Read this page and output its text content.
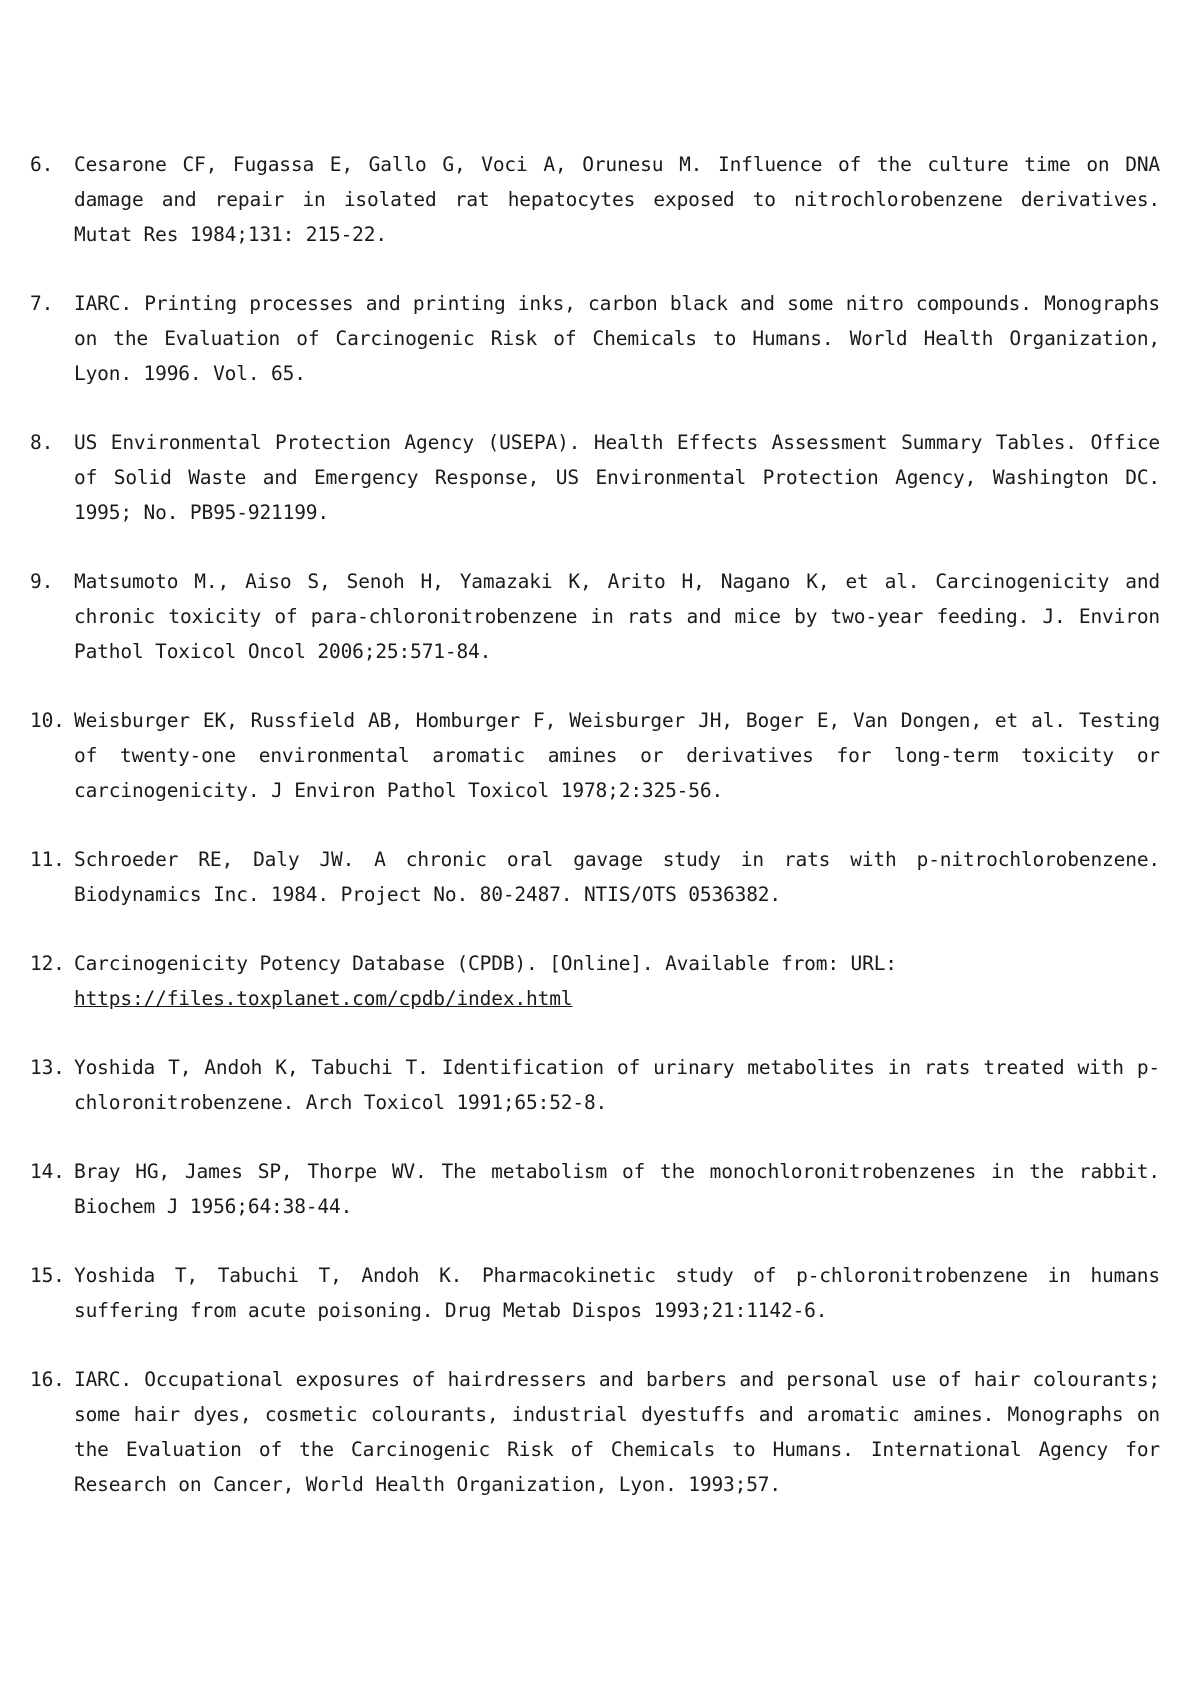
6. Cesarone CF, Fugassa E, Gallo G, Voci A, Orunesu M. Influence of the culture time on DNA damage and repair in isolated rat hepatocytes exposed to nitrochlorobenzene derivatives. Mutat Res 1984;131: 215-22.
7. IARC. Printing processes and printing inks, carbon black and some nitro compounds. Monographs on the Evaluation of Carcinogenic Risk of Chemicals to Humans. World Health Organization, Lyon. 1996. Vol. 65.
8. US Environmental Protection Agency (USEPA). Health Effects Assessment Summary Tables. Office of Solid Waste and Emergency Response, US Environmental Protection Agency, Washington DC. 1995; No. PB95-921199.
9. Matsumoto M., Aiso S, Senoh H, Yamazaki K, Arito H, Nagano K, et al. Carcinogenicity and chronic toxicity of para-chloronitrobenzene in rats and mice by two-year feeding. J. Environ Pathol Toxicol Oncol 2006;25:571-84.
10. Weisburger EK, Russfield AB, Homburger F, Weisburger JH, Boger E, Van Dongen, et al. Testing of twenty-one environmental aromatic amines or derivatives for long-term toxicity or carcinogenicity. J Environ Pathol Toxicol 1978;2:325-56.
11. Schroeder RE, Daly JW. A chronic oral gavage study in rats with p-nitrochlorobenzene. Biodynamics Inc. 1984. Project No. 80-2487. NTIS/OTS 0536382.
12. Carcinogenicity Potency Database (CPDB). [Online]. Available from: URL:
https://files.toxplanet.com/cpdb/index.html
13. Yoshida T, Andoh K, Tabuchi T. Identification of urinary metabolites in rats treated with p-chloronitrobenzene. Arch Toxicol 1991;65:52-8.
14. Bray HG, James SP, Thorpe WV. The metabolism of the monochloronitrobenzenes in the rabbit. Biochem J 1956;64:38-44.
15. Yoshida T, Tabuchi T, Andoh K. Pharmacokinetic study of p-chloronitrobenzene in humans suffering from acute poisoning. Drug Metab Dispos 1993;21:1142-6.
16. IARC. Occupational exposures of hairdressers and barbers and personal use of hair colourants; some hair dyes, cosmetic colourants, industrial dyestuffs and aromatic amines. Monographs on the Evaluation of the Carcinogenic Risk of Chemicals to Humans. International Agency for Research on Cancer, World Health Organization, Lyon. 1993;57.
